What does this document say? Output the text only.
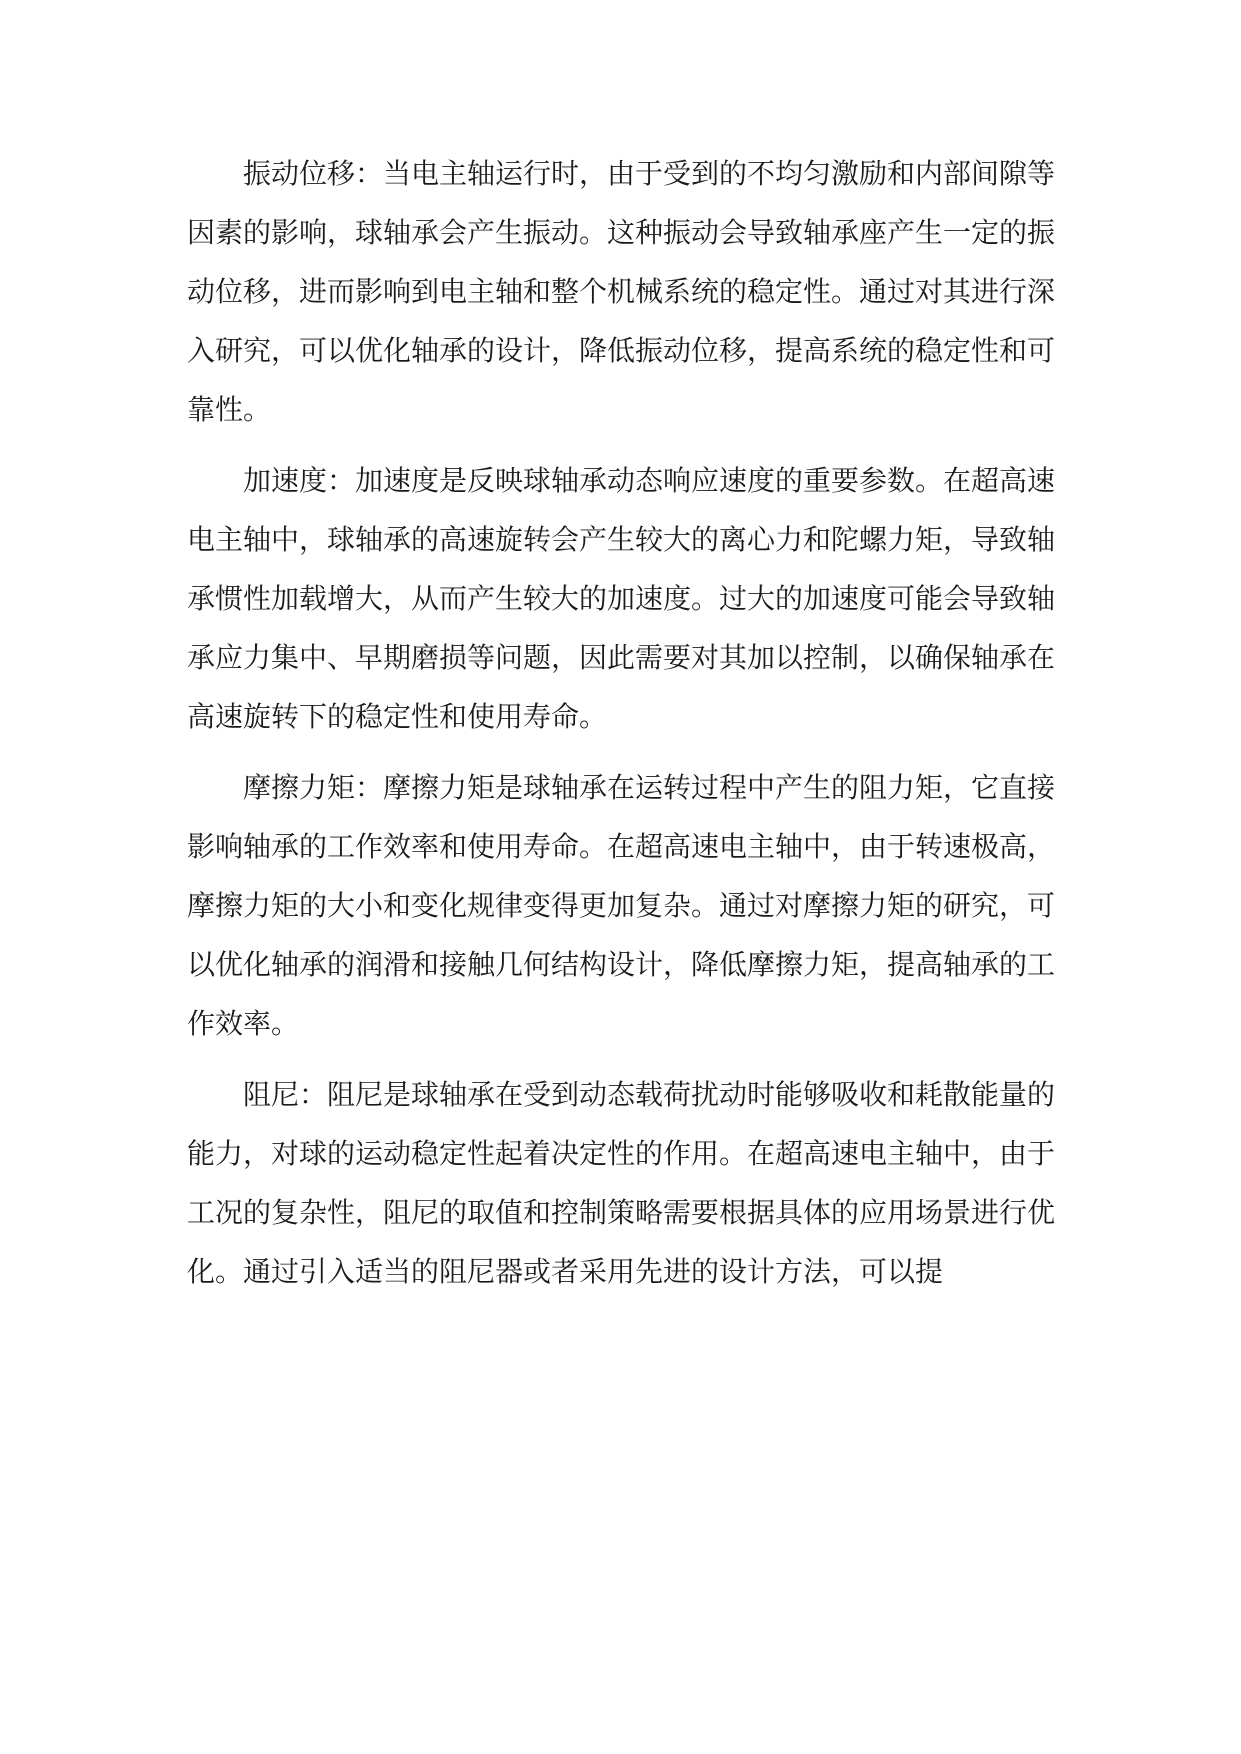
振动位移：当电主轴运行时，由于受到的不均匀激励和内部间隙等因素的影响，球轴承会产生振动。这种振动会导致轴承座产生一定的振动位移，进而影响到电主轴和整个机械系统的稳定性。通过对其进行深入研究，可以优化轴承的设计，降低振动位移，提高系统的稳定性和可靠性。

加速度：加速度是反映球轴承动态响应速度的重要参数。在超高速电主轴中，球轴承的高速旋转会产生较大的离心力和陀螺力矩，导致轴承惯性加载增大，从而产生较大的加速度。过大的加速度可能会导致轴承应力集中、早期磨损等问题，因此需要对其加以控制，以确保轴承在高速旋转下的稳定性和使用寿命。

摩擦力矩：摩擦力矩是球轴承在运转过程中产生的阻力矩，它直接影响轴承的工作效率和使用寿命。在超高速电主轴中，由于转速极高，摩擦力矩的大小和变化规律变得更加复杂。通过对摩擦力矩的研究，可以优化轴承的润滑和接触几何结构设计，降低摩擦力矩，提高轴承的工作效率。

阻尼：阻尼是球轴承在受到动态载荷扰动时能够吸收和耗散能量的能力，对球的运动稳定性起着决定性的作用。在超高速电主轴中，由于工况的复杂性，阻尼的取值和控制策略需要根据具体的应用场景进行优化。通过引入适当的阻尼器或者采用先进的设计方法，可以提
